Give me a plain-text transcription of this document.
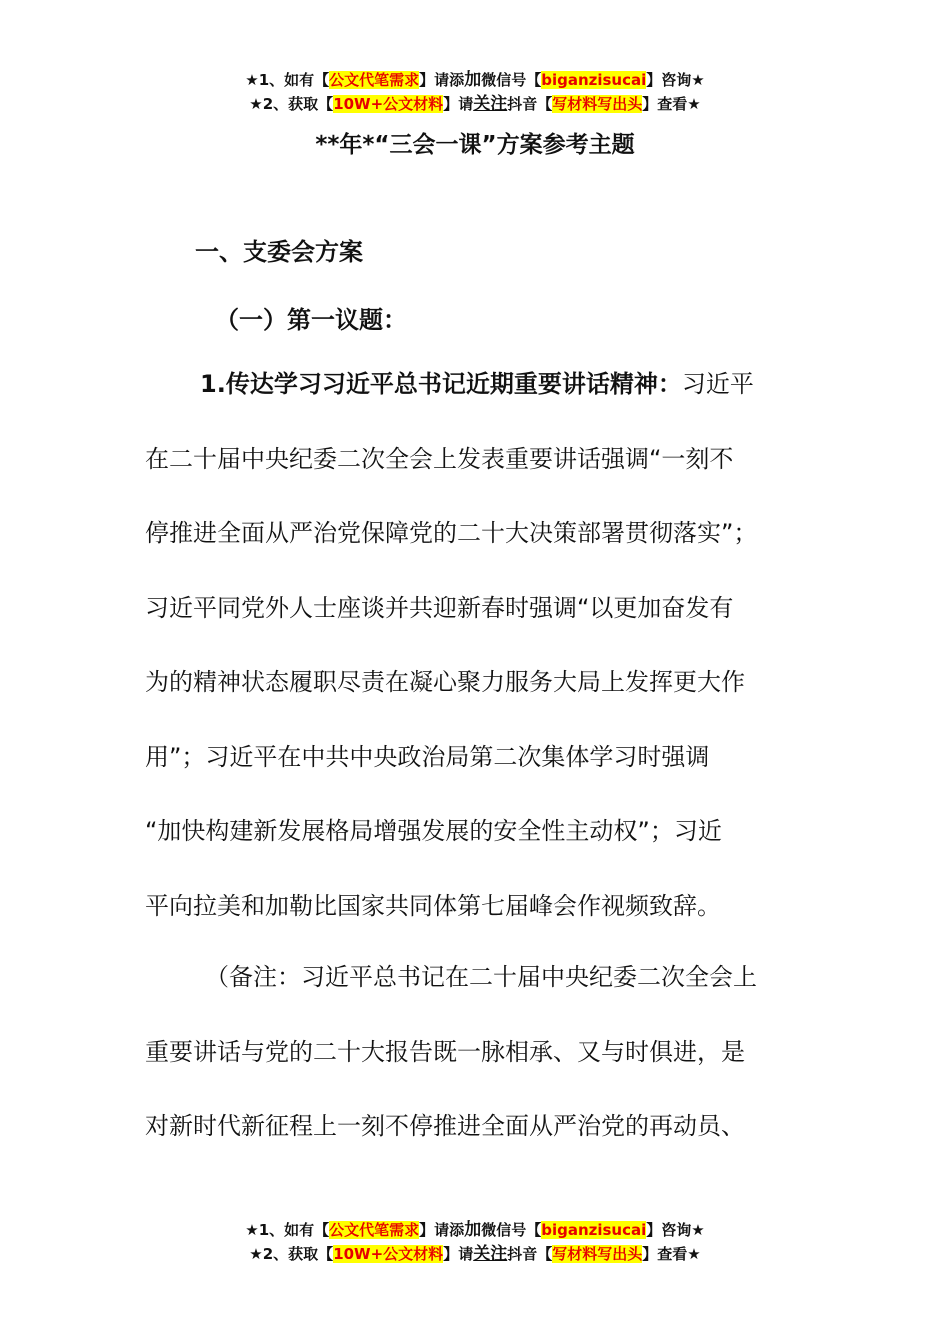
★1、如有【公文代笔需求】请添加微信号【biganzisucai】咨询★
★2、获取【10W+公文材料】请关注抖音【写材料写出头】查看★
**年*“三会一课”方案参考主题
一、支委会方案
（一）第一议题：
1.传达学习习近平总书记近期重要讲话精神：习近平
在二十届中央纪委二次全会上发表重要讲话强调“一刻不
停推进全面从严治党保障党的二十大决策部署贯彻落实”；
习近平同党外人士座谈并共迎新春时强调“以更加奋发有
为的精神状态履职尽责在凝心聚力服务大局上发挥更大作
用”；习近平在中共中央政治局第二次集体学习时强调
“加快构建新发展格局增强发展的安全性主动权”；习近
平向拉美和加勒比国家共同体第七届峰会作视频致辞。
（备注：习近平总书记在二十届中央纪委二次全会上
重要讲话与党的二十大报告既一脉相承、又与时俱进，是
对新时代新征程上一刻不停推进全面从严治党的再动员、
★1、如有【公文代笔需求】请添加微信号【biganzisucai】咨询★
★2、获取【10W+公文材料】请关注抖音【写材料写出头】查看★
